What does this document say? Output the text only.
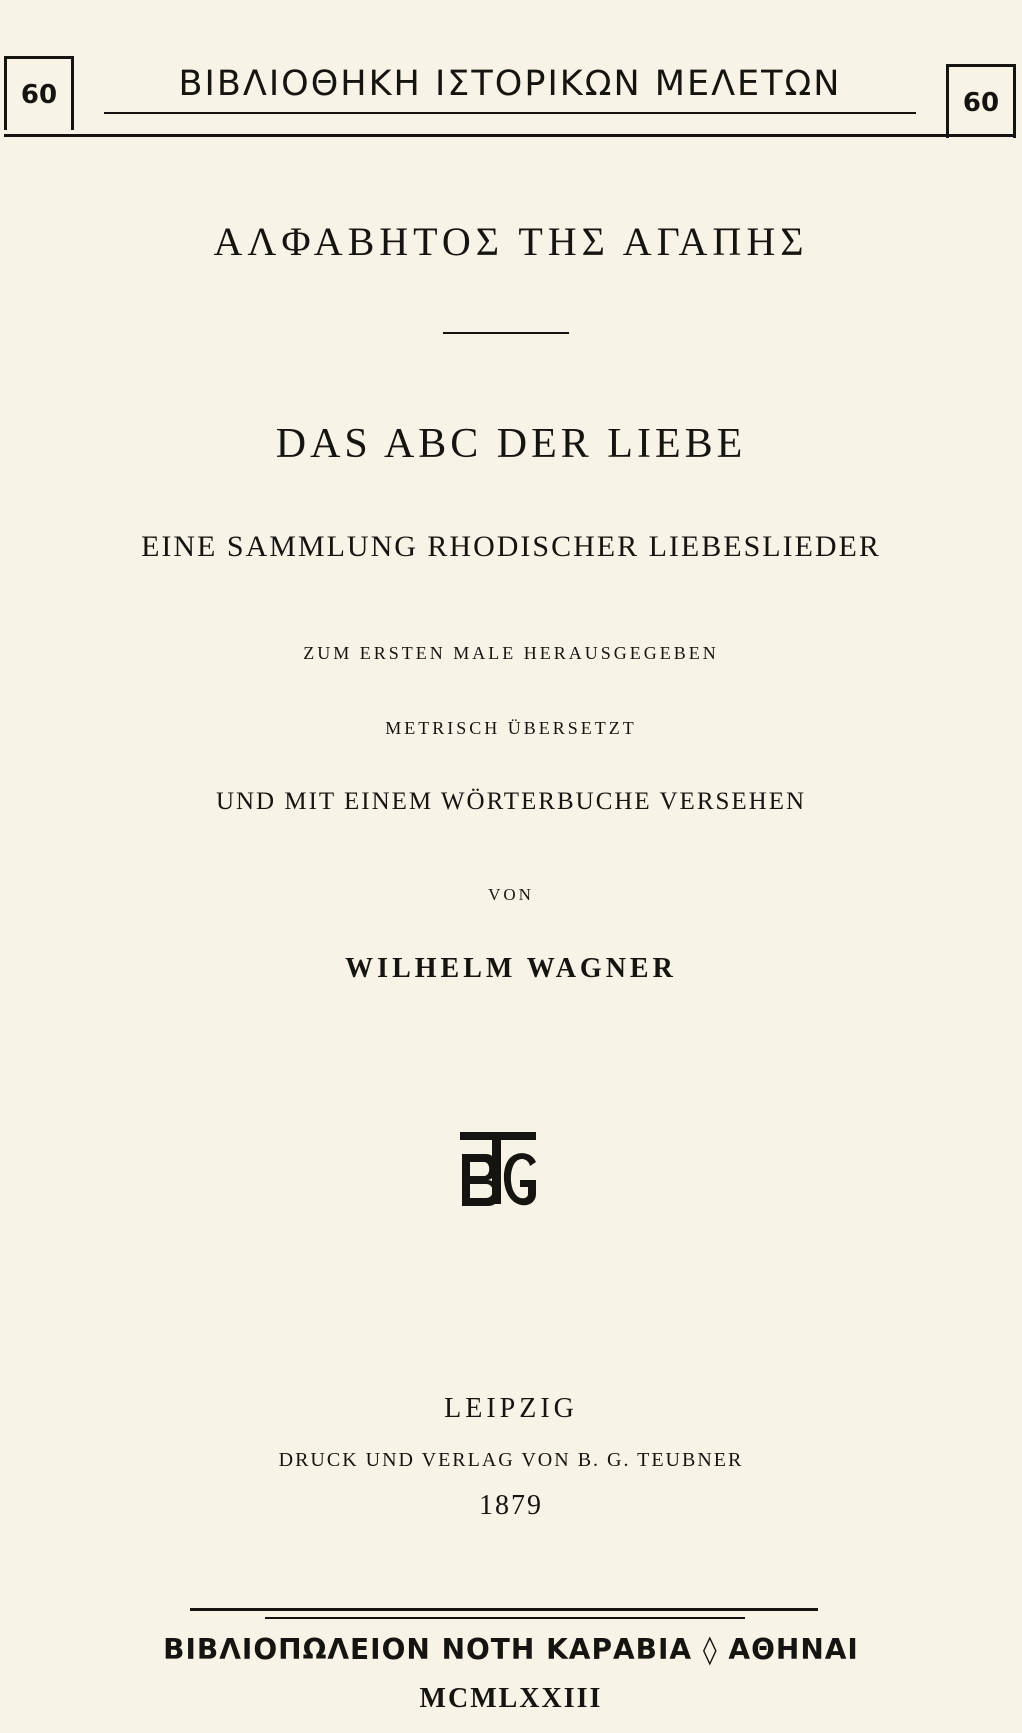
60	ΒΙΒΛΙΟΘΗΚΗ ΙΣΤΟΡΙΚΩΝ ΜΕΛΕΤΩΝ	60
ΑΛΦΑΒΗΤΟΣ ΤΗΣ ΑΓΑΠΗΣ
DAS ABC DER LIEBE
EINE SAMMLUNG RHODISCHER LIEBESLIEDER
ZUM ERSTEN MALE HERAUSGEGEBEN
METRISCH ÜBERSETZT
UND MIT EINEM WÖRTERBUCHE VERSEHEN
VON
WILHELM WAGNER
LEIPZIG
DRUCK UND VERLAG VON B. G. TEUBNER
1879
ΒΙΒΛΙΟΠΩΛΕΙΟΝ ΝΟΤΗ ΚΑΡΑΒΙΑ ◊ ΑΘΗΝΑΙ
MCMLXXIII
